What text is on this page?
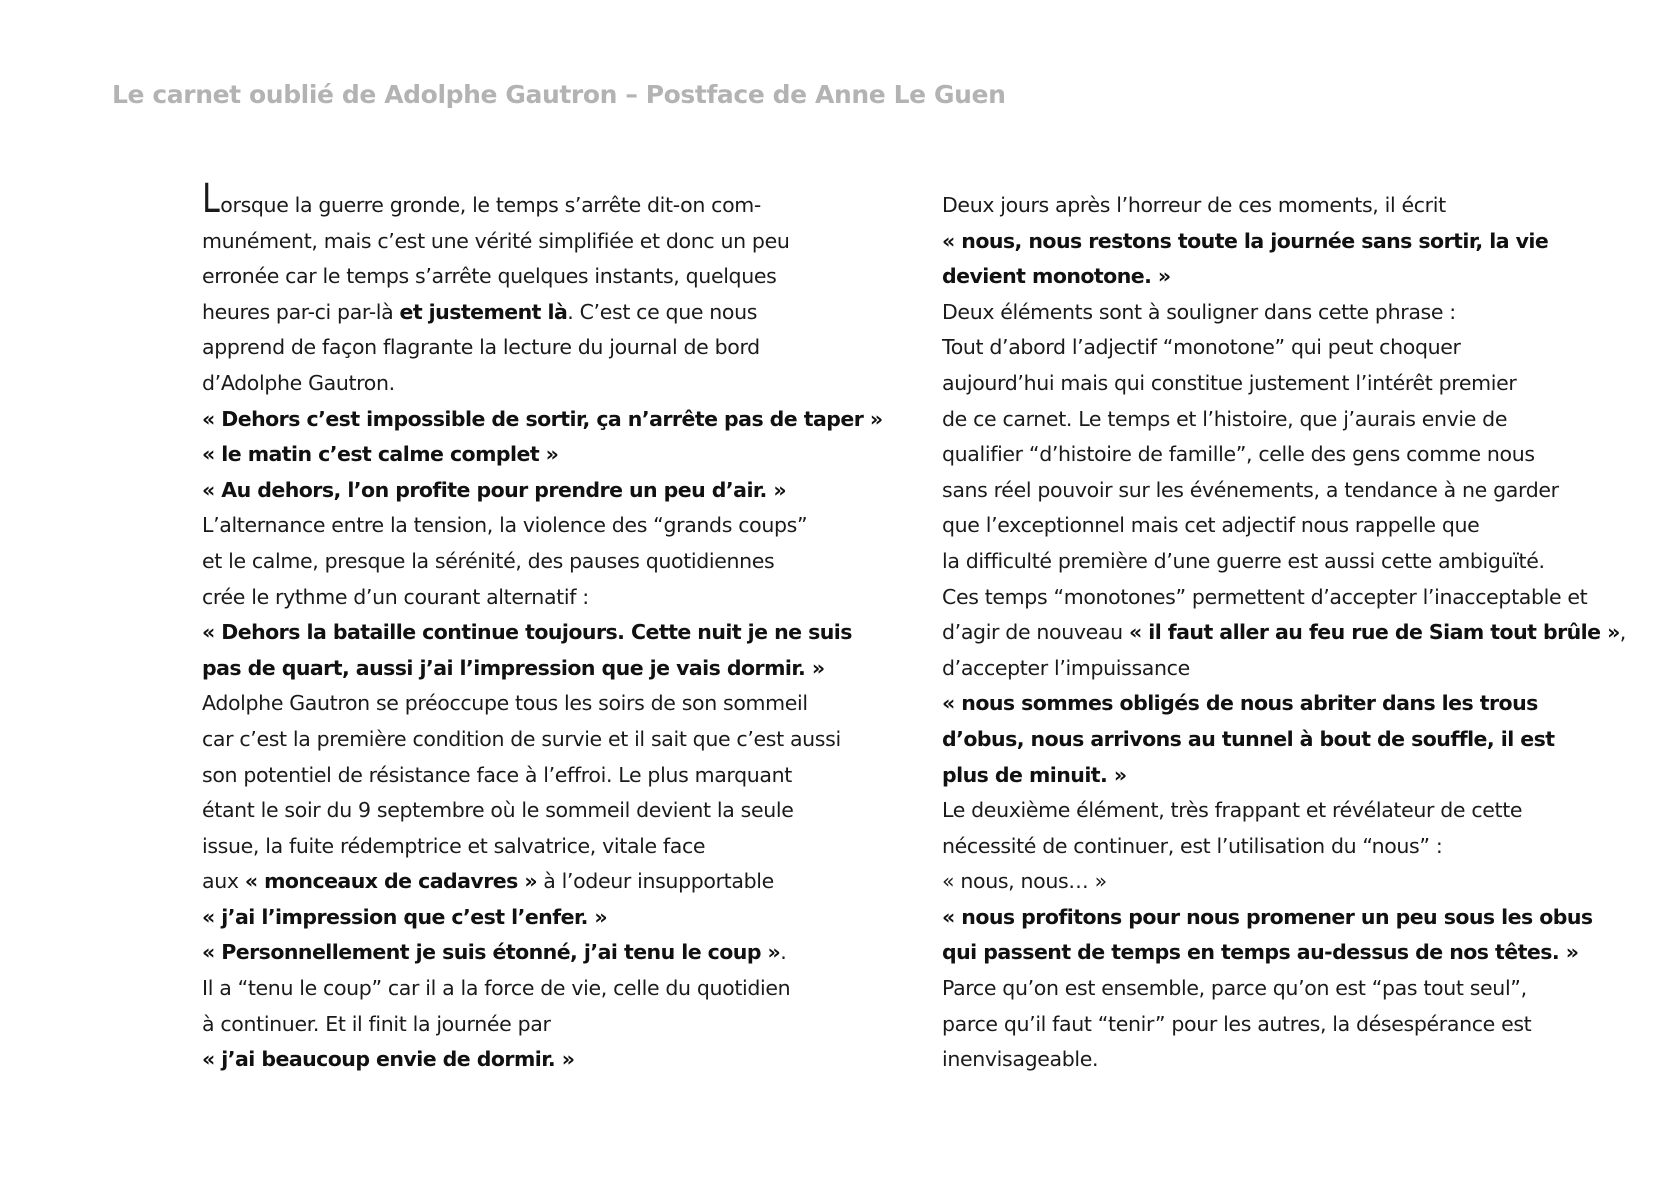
Le carnet oublié de Adolphe Gautron – Postface de Anne Le Guen
Lorsque la guerre gronde, le temps s’arrête dit-on com-
munément, mais c’est une vérité simplifiée et donc un peu
erronée car le temps s’arrête quelques instants, quelques
heures par-ci par-là et justement là. C’est ce que nous
apprend de façon flagrante la lecture du journal de bord
d’Adolphe Gautron.
« Dehors c’est impossible de sortir, ça n’arrête pas de taper »
« le matin c’est calme complet »
« Au dehors, l’on profite pour prendre un peu d’air. »
L’alternance entre la tension, la violence des “grands coups”
et le calme, presque la sérénité, des pauses quotidiennes
crée le rythme d’un courant alternatif :
« Dehors la bataille continue toujours. Cette nuit je ne suis
pas de quart, aussi j’ai l’impression que je vais dormir. »
Adolphe Gautron se préoccupe tous les soirs de son sommeil
car c’est la première condition de survie et il sait que c’est aussi
son potentiel de résistance face à l’effroi. Le plus marquant
étant le soir du 9 septembre où le sommeil devient la seule
issue, la fuite rédemptrice et salvatrice, vitale face
aux « monceaux de cadavres » à l’odeur insupportable
« j’ai l’impression que c’est l’enfer. »
« Personnellement je suis étonné, j’ai tenu le coup ».
Il a “tenu le coup” car il a la force de vie, celle du quotidien
à continuer. Et il finit la journée par
« j’ai beaucoup envie de dormir. »
Deux jours après l’horreur de ces moments, il écrit
« nous, nous restons toute la journée sans sortir, la vie
devient monotone. »
Deux éléments sont à souligner dans cette phrase :
Tout d’abord l’adjectif “monotone” qui peut choquer
aujourd’hui mais qui constitue justement l’intérêt premier
de ce carnet. Le temps et l’histoire, que j’aurais envie de
qualifier “d’histoire de famille”, celle des gens comme nous
sans réel pouvoir sur les événements, a tendance à ne garder
que l’exceptionnel mais cet adjectif nous rappelle que
la difficulté première d’une guerre est aussi cette ambiguïté.
Ces temps “monotones” permettent d’accepter l’inacceptable et
d’agir de nouveau « il faut aller au feu rue de Siam tout brûle »,
d’accepter l’impuissance
« nous sommes obligés de nous abriter dans les trous
d’obus, nous arrivons au tunnel à bout de souffle, il est
plus de minuit. »
Le deuxième élément, très frappant et révélateur de cette
nécessité de continuer, est l’utilisation du “nous” :
« nous, nous… »
« nous profitons pour nous promener un peu sous les obus
qui passent de temps en temps au-dessus de nos têtes. »
Parce qu’on est ensemble, parce qu’on est “pas tout seul”,
parce qu’il faut “tenir” pour les autres, la désespérance est
inenvisageable.
